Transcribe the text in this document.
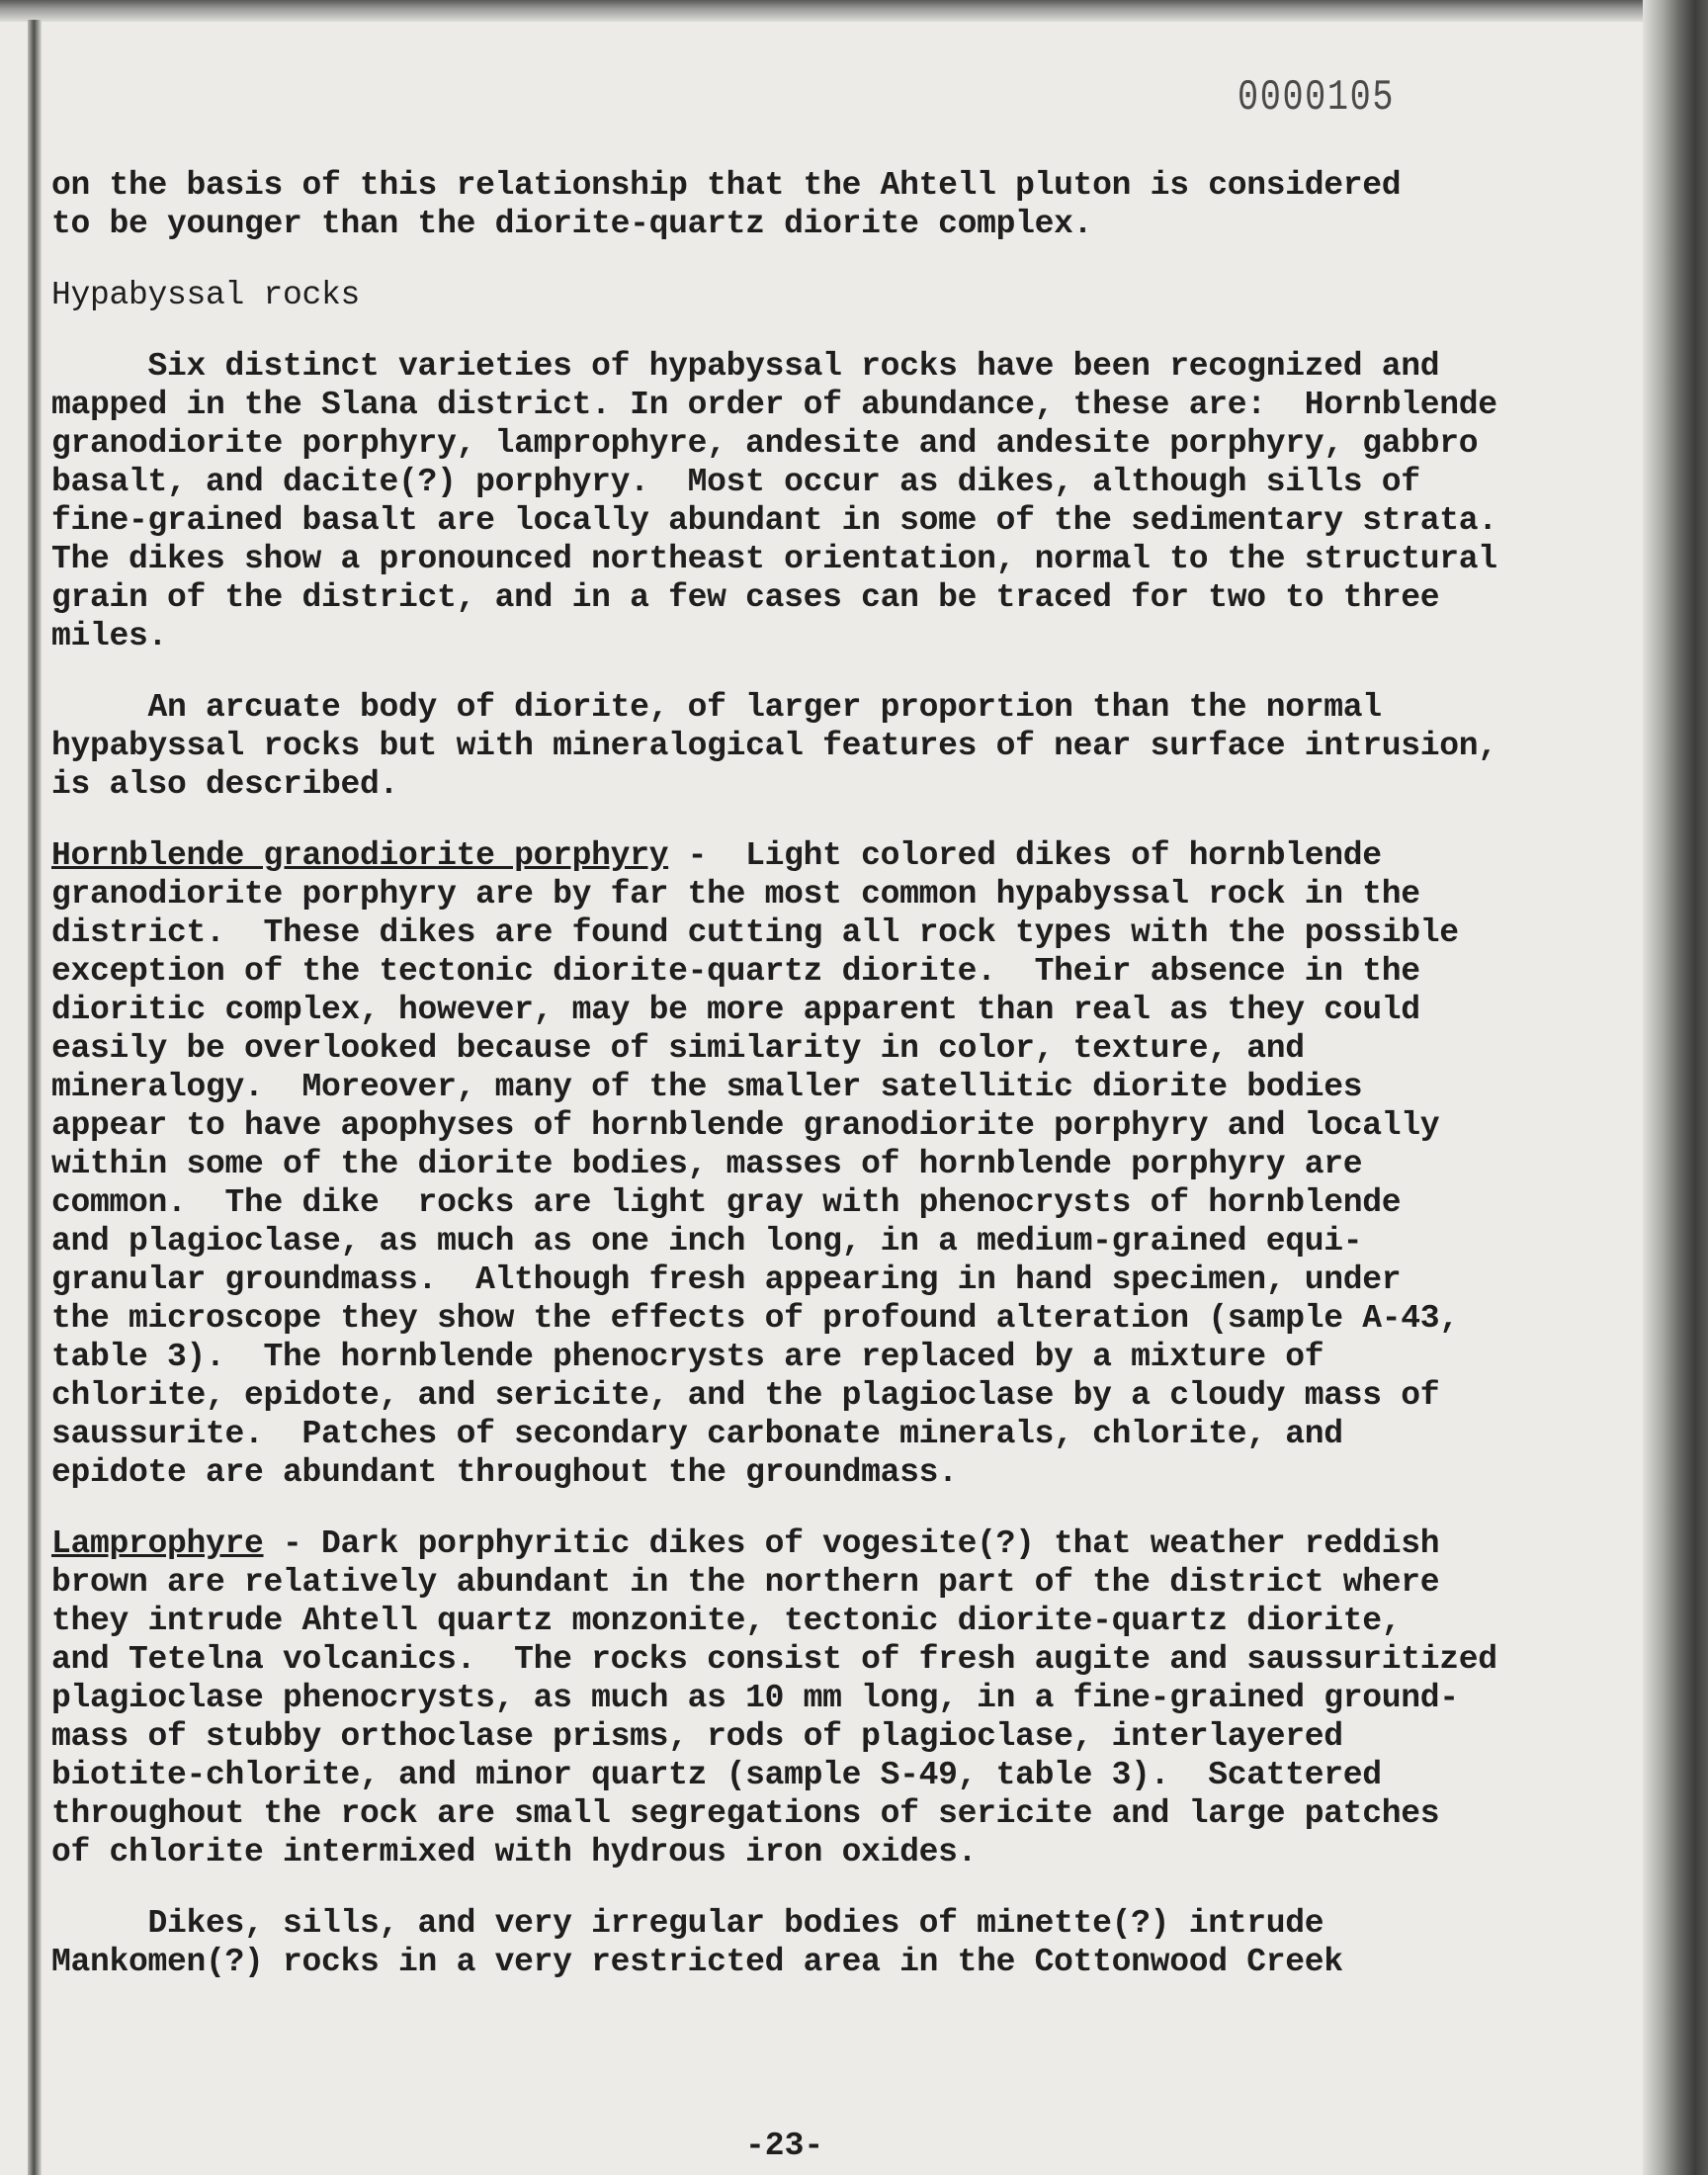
0000105

on the basis of this relationship that the Ahtell pluton is considered

to be younger than the diorite-quartz diorite complex.

Hypabyssal rocks

Six distinct varieties of hypabyssal rocks have been recognized and

mapped in the Slana district. In order of abundance, these are:  Hornblende

granodiorite porphyry, lamprophyre, andesite and andesite porphyry, gabbro

basalt, and dacite(?) porphyry.  Most occur as dikes, although sills of

fine-grained basalt are locally abundant in some of the sedimentary strata.

The dikes show a pronounced northeast orientation, normal to the structural

grain of the district, and in a few cases can be traced for two to three

miles.

An arcuate body of diorite, of larger proportion than the normal

hypabyssal rocks but with mineralogical features of near surface intrusion,

is also described.

Hornblende granodiorite porphyry -  Light colored dikes of hornblende

granodiorite porphyry are by far the most common hypabyssal rock in the

district.  These dikes are found cutting all rock types with the possible

exception of the tectonic diorite-quartz diorite.  Their absence in the

dioritic complex, however, may be more apparent than real as they could

easily be overlooked because of similarity in color, texture, and

mineralogy.  Moreover, many of the smaller satellitic diorite bodies

appear to have apophyses of hornblende granodiorite porphyry and locally

within some of the diorite bodies, masses of hornblende porphyry are

common.  The dike  rocks are light gray with phenocrysts of hornblende

and plagioclase, as much as one inch long, in a medium-grained equi-

granular groundmass.  Although fresh appearing in hand specimen, under

the microscope they show the effects of profound alteration (sample A-43,

table 3).  The hornblende phenocrysts are replaced by a mixture of

chlorite, epidote, and sericite, and the plagioclase by a cloudy mass of

saussurite.  Patches of secondary carbonate minerals, chlorite, and

epidote are abundant throughout the groundmass.

Lamprophyre - Dark porphyritic dikes of vogesite(?) that weather reddish

brown are relatively abundant in the northern part of the district where

they intrude Ahtell quartz monzonite, tectonic diorite-quartz diorite,

and Tetelna volcanics.  The rocks consist of fresh augite and saussuritized

plagioclase phenocrysts, as much as 10 mm long, in a fine-grained ground-

mass of stubby orthoclase prisms, rods of plagioclase, interlayered

biotite-chlorite, and minor quartz (sample S-49, table 3).  Scattered

throughout the rock are small segregations of sericite and large patches

of chlorite intermixed with hydrous iron oxides.

Dikes, sills, and very irregular bodies of minette(?) intrude

Mankomen(?) rocks in a very restricted area in the Cottonwood Creek

-23-
